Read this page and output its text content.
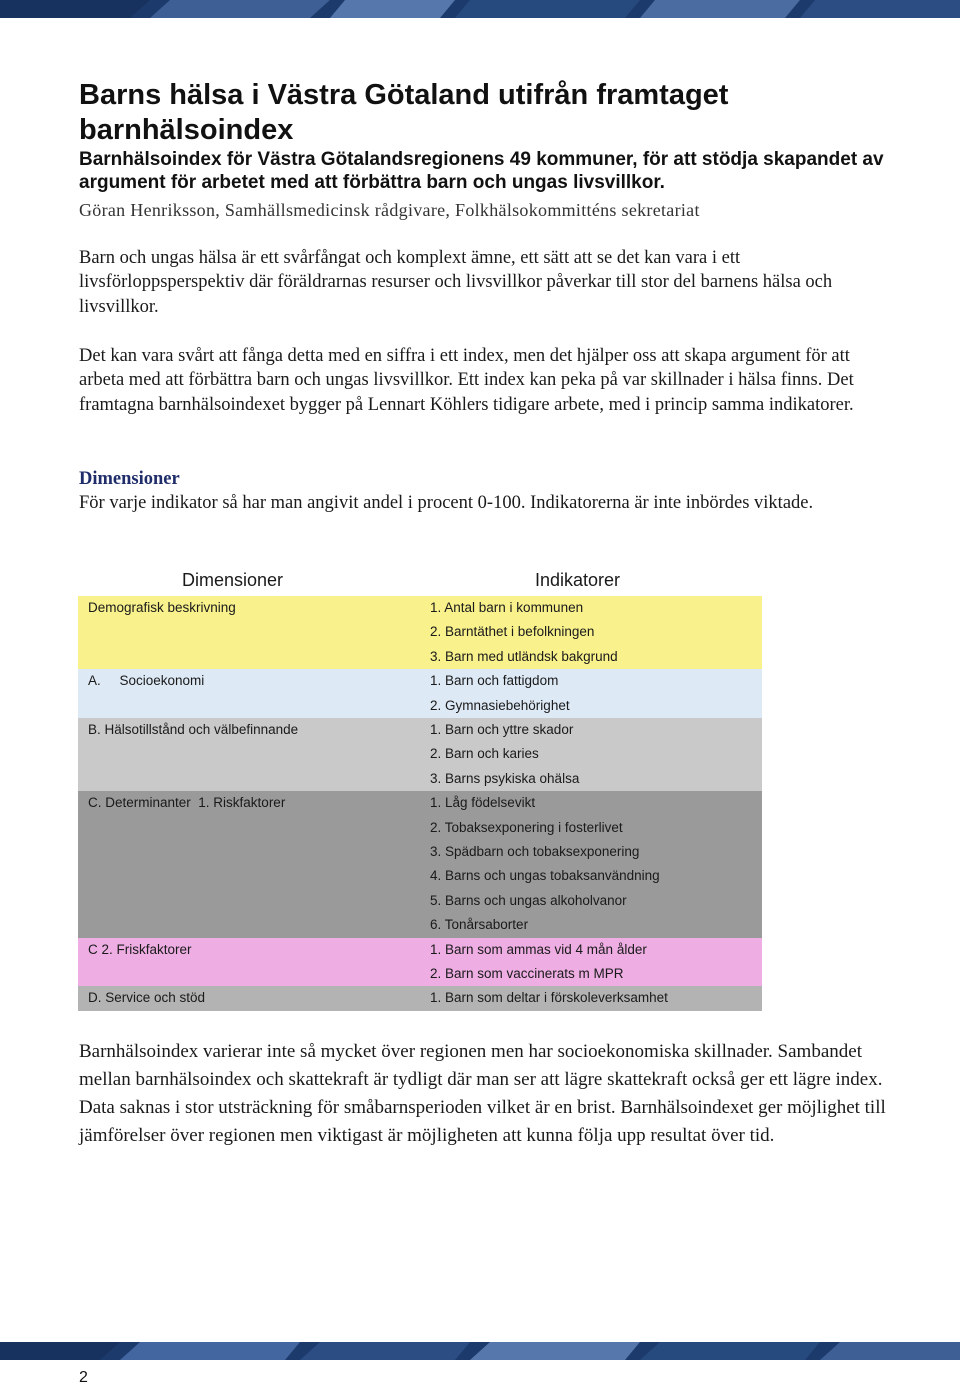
Barns hälsa i Västra Götaland utifrån framtaget barnhälsoindex

Barnhälsoindex för Västra Götalandsregionens 49 kommuner, för att stödja skapandet av argument för arbetet med att förbättra barn och ungas livsvillkor.

Göran Henriksson, Samhällsmedicinsk rådgivare, Folkhälsokommitténs sekretariat

Barn och ungas hälsa är ett svårfångat och komplext ämne, ett sätt att se det kan vara i ett livsförloppsperspektiv där föräldrarnas resurser och livsvillkor påverkar till stor del barnens hälsa och livsvillkor.

Det kan vara svårt att fånga detta med en siffra i ett index, men det hjälper oss att skapa argument för att arbeta med att förbättra barn och ungas livsvillkor. Ett index kan peka på var skillnader i hälsa finns. Det framtagna barnhälsoindexet bygger på Lennart Köhlers tidigare arbete, med i princip samma indikatorer.

Dimensioner

För varje indikator så har man angivit andel i procent 0-100. Indikatorerna är inte inbördes viktade.

Dimensioner	Indikatorer
Demografisk beskrivning	1. Antal barn i kommunen
2. Barntäthet i befolkningen
3. Barn med utländsk bakgrund
A.     Socioekonomi	1. Barn och fattigdom
2. Gymnasiebehörighet
B. Hälsotillstånd och välbefinnande	1. Barn och yttre skador
2. Barn och karies
3. Barns psykiska ohälsa
C. Determinanter  1. Riskfaktorer	1. Låg födelsevikt
2. Tobaksexponering i fosterlivet
3. Spädbarn och tobaksexponering
4. Barns och ungas tobaksanvändning
5. Barns och ungas alkoholvanor
6. Tonårsaborter
C 2. Friskfaktorer	1. Barn som ammas vid 4 mån ålder
2. Barn som vaccinerats m MPR
D. Service och stöd	1. Barn som deltar i förskoleverksamhet

Barnhälsoindex varierar inte så mycket över regionen men har socioekonomiska skillnader. Sambandet mellan barnhälsoindex och skattekraft är tydligt där man ser att lägre skattekraft också ger ett lägre index. Data saknas i stor utsträckning för småbarnsperioden vilket är en brist. Barnhälsoindexet ger möjlighet till jämförelser över regionen men viktigast är möjligheten att kunna följa upp resultat över tid.

2
